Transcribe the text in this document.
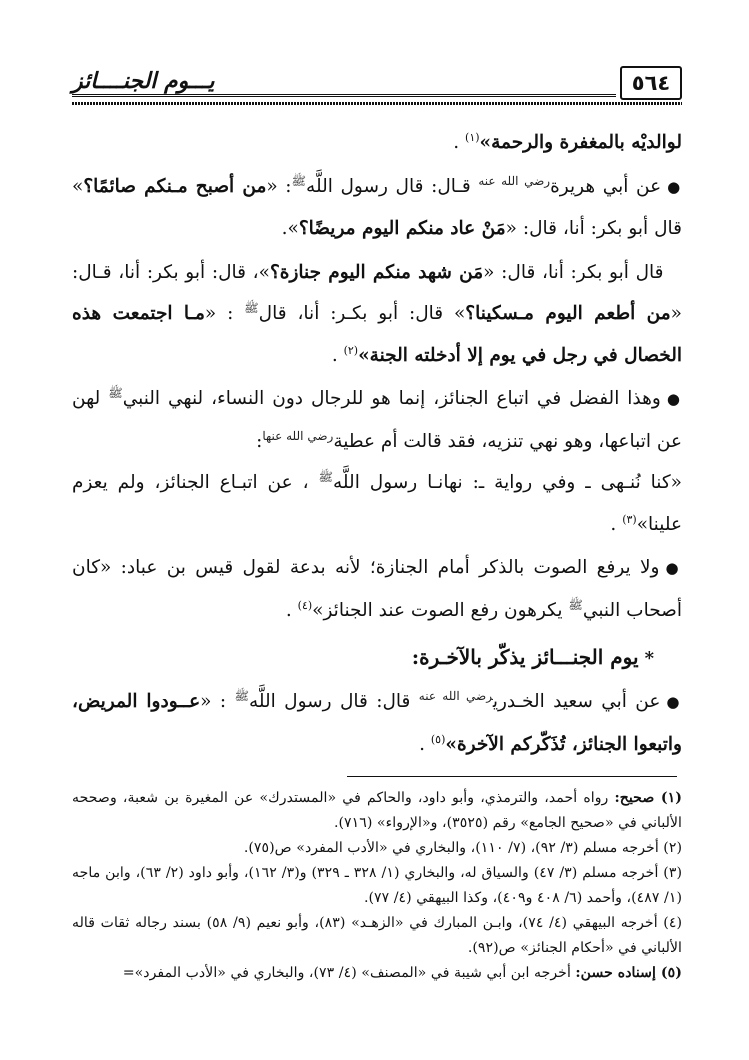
٥٦٤
يـــوم الجنــــائز

لوالديْه بالمغفرة والرحمة»$^{(١)}$ .

●عن أبي هريرة$^{رضي الله عنه}$ قـال: قال رسول اللَّه$^ﷺ$: «من أصبح مـنكم صائمًا؟» قال أبو بكر: أنا، قال: «مَنْ عاد منكم اليوم مريضًا؟».

 قال أبو بكر: أنا، قال: «مَن شهد منكم اليوم جنازة؟»، قال: أبو بكر: أنا، قـال: «من أطعم اليوم مـسكينا؟» قال: أبو بكـر: أنا، قال$^ﷺ$ : «مـا اجتمعت هذه الخصال في رجل في يوم إلا أدخلته الجنة»$^{(٢)}$ .

●وهذا الفضل في اتباع الجنائز، إنما هو للرجال دون النساء، لنهي النبي$^ﷺ$ لهن عن اتباعها، وهو نهي تنزيه، فقد قالت أم عطية$^{رضي الله عنها}$:

«كنا نُنـهى ـ وفي رواية ـ: نهانـا رسول اللَّه$^ﷺ$ ، عن اتبـاع الجنائز، ولم يعزم علينا»$^{(٣)}$ .

●ولا يرفع الصوت بالذكر أمام الجنازة؛ لأنه بدعة لقول قيس بن عباد: «كان أصحاب النبي$^ﷺ$ يكرهون رفع الصوت عند الجنائز»$^{(٤)}$ .

*يوم الجنـــائز يذكّر بالآخـرة:

●عن أبي سعيد الخـدري$^{رضي الله عنه}$ قال: قال رسول اللَّه$^ﷺ$ : «عــودوا المريض، واتبعوا الجنائز، تُذَكّركم الآخرة»$^{(٥)}$ .

(١) صحيح: رواه أحمد، والترمذي، وأبو داود، والحاكم في «المستدرك» عن المغيرة بن شعبة، وصححه الألباني في «صحيح الجامع» رقم (٣٥٢٥)، و«الإرواء» (٧١٦).

(٢) أخرجه مسلم (٣/ ٩٢)، (٧/ ١١٠)، والبخاري في «الأدب المفرد» ص(٧٥).

(٣) أخرجه مسلم (٣/ ٤٧) والسياق له، والبخاري (١/ ٣٢٨ ـ ٣٢٩) و(٣/ ١٦٢)، وأبو داود (٢/ ٦٣)، وابن ماجه (١/ ٤٨٧)، وأحمد (٦/ ٤٠٨ و٤٠٩)، وكذا البيهقي (٤/ ٧٧).

(٤) أخرجه البيهقي (٤/ ٧٤)، وابـن المبارك في «الزهـد» (٨٣)، وأبو نعيم (٩/ ٥٨) بسند رجاله ثقات قاله الألباني في «أحكام الجنائز» ص(٩٢).

(٥) إسناده حسن: أخرجه ابن أبي شيبة في «المصنف» (٤/ ٧٣)، والبخاري في «الأدب المفرد»=
